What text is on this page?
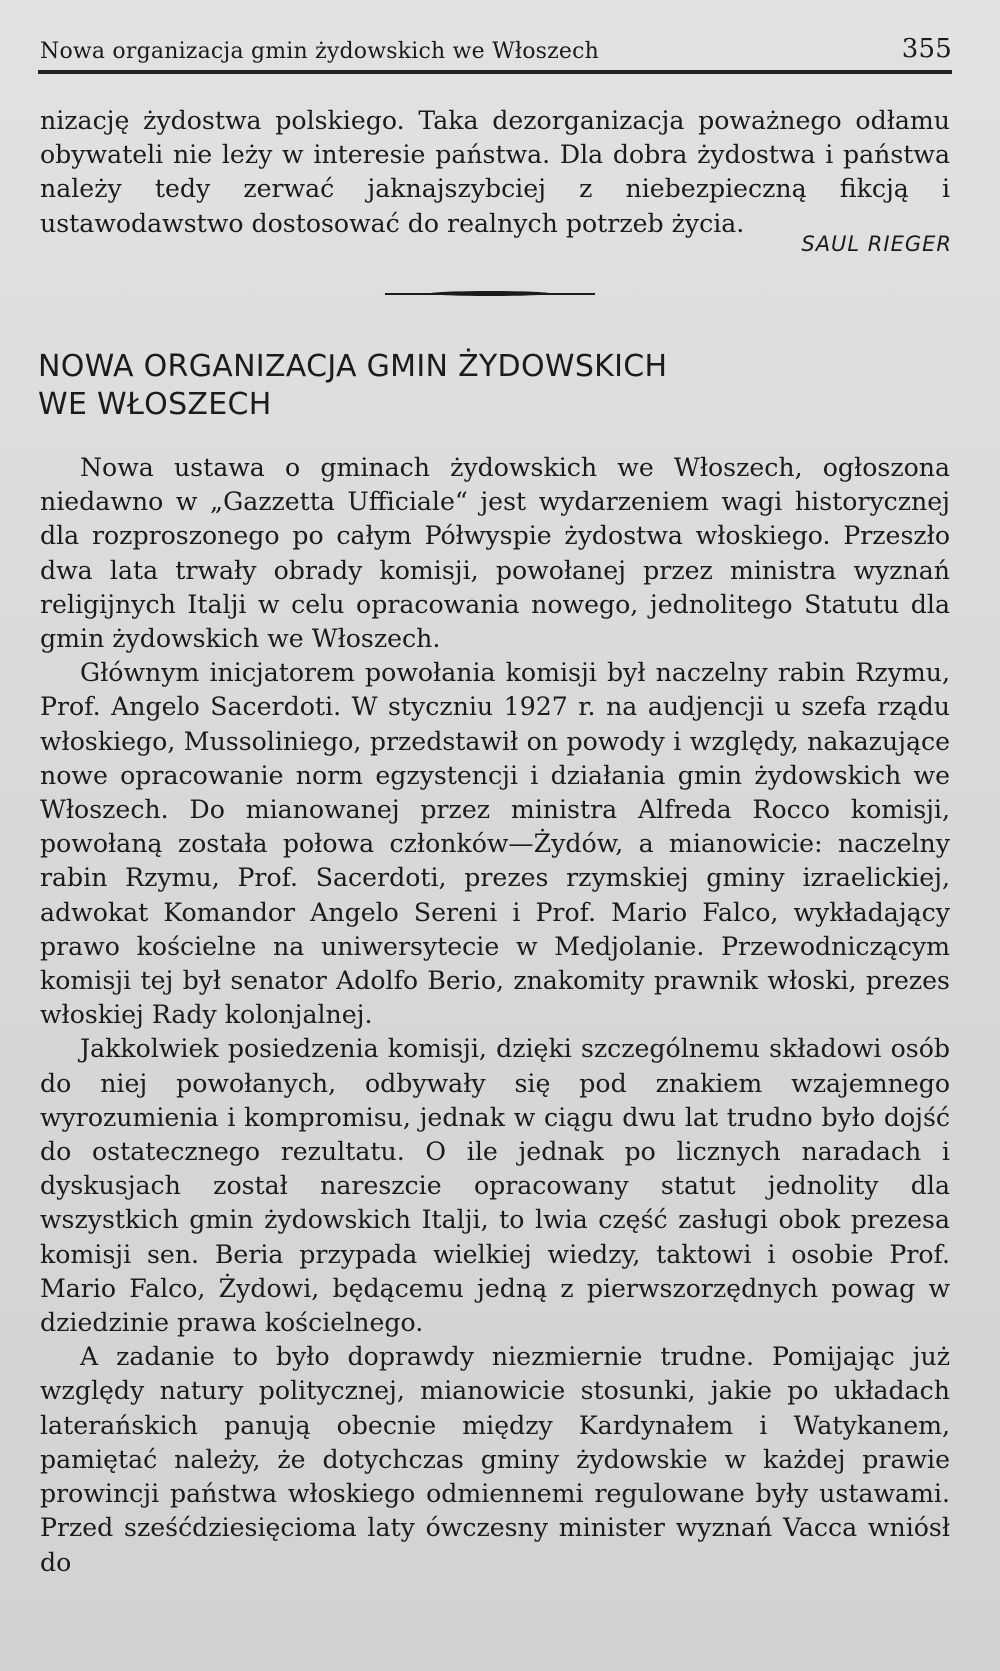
Nowa organizacja gmin żydowskich we Włoszech	355

nizację żydostwa polskiego. Taka dezorganizacja poważnego odłamu obywateli nie leży w interesie państwa. Dla dobra żydostwa i państwa należy tedy zerwać jaknajszybciej z niebezpieczną fikcją i ustawodawstwo dostosować do realnych potrzeb życia.

SAUL RIEGER
NOWA ORGANIZACJA GMIN ŻYDOWSKICH
WE WŁOSZECH

Nowa ustawa o gminach żydowskich we Włoszech, ogłoszona niedawno w „Gazzetta Ufficiale“ jest wydarzeniem wagi historycznej dla rozproszonego po całym Półwyspie żydostwa włoskiego. Przeszło dwa lata trwały obrady komisji, powołanej przez ministra wyznań religijnych Italji w celu opracowania nowego, jednolitego Statutu dla gmin żydowskich we Włoszech.

Głównym inicjatorem powołania komisji był naczelny rabin Rzymu, Prof. Angelo Sacerdoti. W styczniu 1927 r. na audjencji u szefa rządu włoskiego, Mussoliniego, przedstawił on powody i względy, nakazujące nowe opracowanie norm egzystencji i działania gmin żydowskich we Włoszech. Do mianowanej przez ministra Alfreda Rocco komisji, powołaną została połowa członków—Żydów, a mianowicie: naczelny rabin Rzymu, Prof. Sacerdoti, prezes rzymskiej gminy izraelickiej, adwokat Komandor Angelo Sereni i Prof. Mario Falco, wykładający prawo kościelne na uniwersytecie w Medjolanie. Przewodniczącym komisji tej był senator Adolfo Berio, znakomity prawnik włoski, prezes włoskiej Rady kolonjalnej.

Jakkolwiek posiedzenia komisji, dzięki szczególnemu składowi osób do niej powołanych, odbywały się pod znakiem wzajemnego wyrozumienia i kompromisu, jednak w ciągu dwu lat trudno było dojść do ostatecznego rezultatu. O ile jednak po licznych naradach i dyskusjach został nareszcie opracowany statut jednolity dla wszystkich gmin żydowskich Italji, to lwia część zasługi obok prezesa komisji sen. Beria przypada wielkiej wiedzy, taktowi i osobie Prof. Mario Falco, Żydowi, będącemu jedną z pierwszorzędnych powag w dziedzinie prawa kościelnego.

A zadanie to było doprawdy niezmiernie trudne. Pomijając już względy natury politycznej, mianowicie stosunki, jakie po układach laterańskich panują obecnie między Kardynałem i Watykanem, pamiętać należy, że dotychczas gminy żydowskie w każdej prawie prowincji państwa włoskiego odmiennemi regulowane były ustawami. Przed sześćdziesięcioma laty ówczesny minister wyznań Vacca wniósł do
